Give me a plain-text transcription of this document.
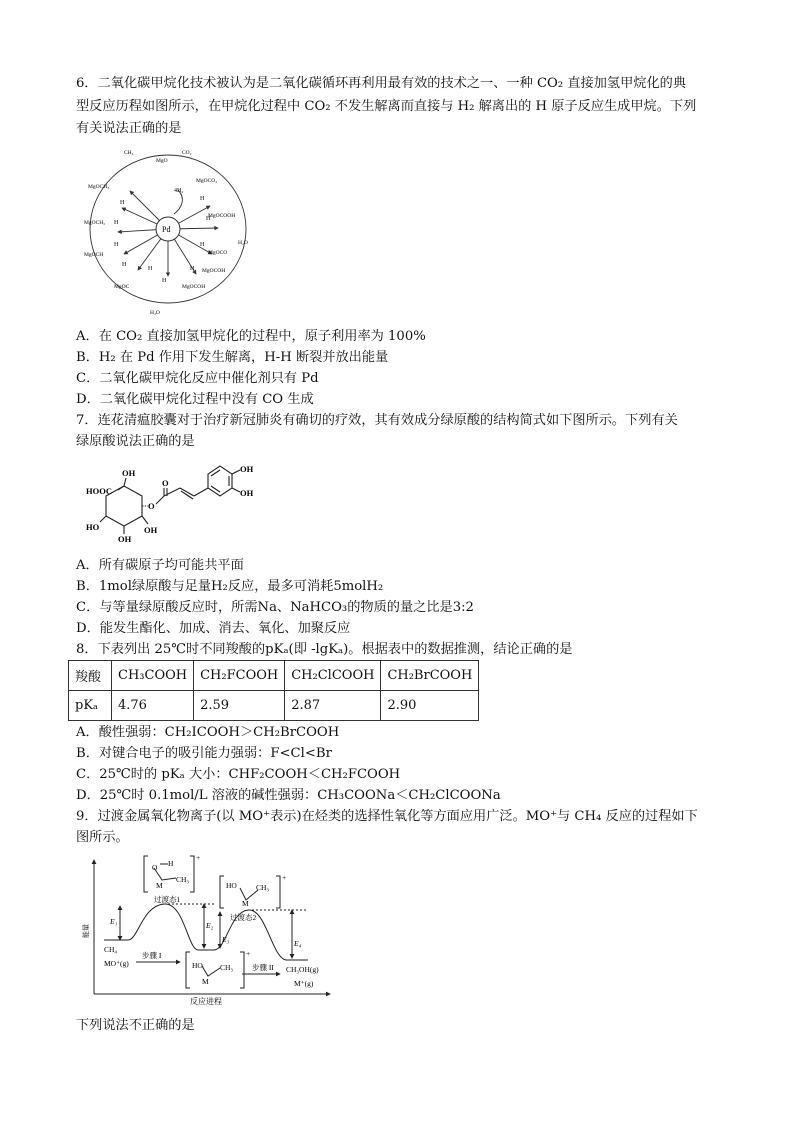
6．二氧化碳甲烷化技术被认为是二氧化碳循环再利用最有效的技术之一、一种 CO₂ 直接加氢甲烷化的典
型反应历程如图所示，在甲烷化过程中 CO₂ 不发生解离而直接与 H₂ 解离出的 H 原子反应生成甲烷。下列
有关说法正确的是
Pd
4H₂
MgO
CO₂
MgOCO₂
MgOCOOH
H₂O
MgOCO
MgOCOH
MgOCOH
MgOC
H₂O
MgOCH
MgOCH₂
MgOCH₃
CH₄
H
H
H
H
H
H
H
H
H
H
A．在 CO₂ 直接加氢甲烷化的过程中，原子利用率为 100%
B．H₂ 在 Pd 作用下发生解离，H-H 断裂并放出能量
C．二氧化碳甲烷化反应中催化剂只有 Pd
D．二氧化碳甲烷化过程中没有 CO 生成
7．连花清瘟胶囊对于治疗新冠肺炎有确切的疗效，其有效成分绿原酸的结构简式如下图所示。下列有关
绿原酸说法正确的是
HOOC
OH
O
O
HO
OH
OH
OH
OH
A．所有碳原子均可能共平面
B．1mol绿原酸与足量H₂反应，最多可消耗5molH₂
C．与等量绿原酸反应时，所需Na、NaHCO₃的物质的量之比是3:2
D．能发生酯化、加成、消去、氧化、加聚反应
8．下表列出 25℃时不同羧酸的pKₐ(即 -lgKₐ)。根据表中的数据推测，结论正确的是
羧酸	CH₃COOH	CH₂FCOOH	CH₂ClCOOH	CH₂BrCOOH
pKₐ	4.76	2.59	2.87	2.90
A．酸性强弱：CH₂ICOOH＞CH₂BrCOOH
B．对键合电子的吸引能力强弱：F<Cl<Br
C．25℃时的 pKₐ 大小：CHF₂COOH＜CH₂FCOOH
D．25℃时 0.1mol/L 溶液的碱性强弱：CH₃COONa＜CH₂ClCOONa
9．过渡金属氧化物离子(以 MO⁺表示)在烃类的选择性氧化等方面应用广泛。MO⁺与 CH₄ 反应的过程如下
图所示。
能量
反应进程
O H
M
CH₃
+
过渡态1
HO
M
CH₃
+
过渡态2
E₁	E₂
E₃	E₄
CH₄
MO⁺(g)
步骤 I
HO
M
CH₃
+
步骤 II CH₃OH(g)
M⁺(g)
下列说法不正确的是
